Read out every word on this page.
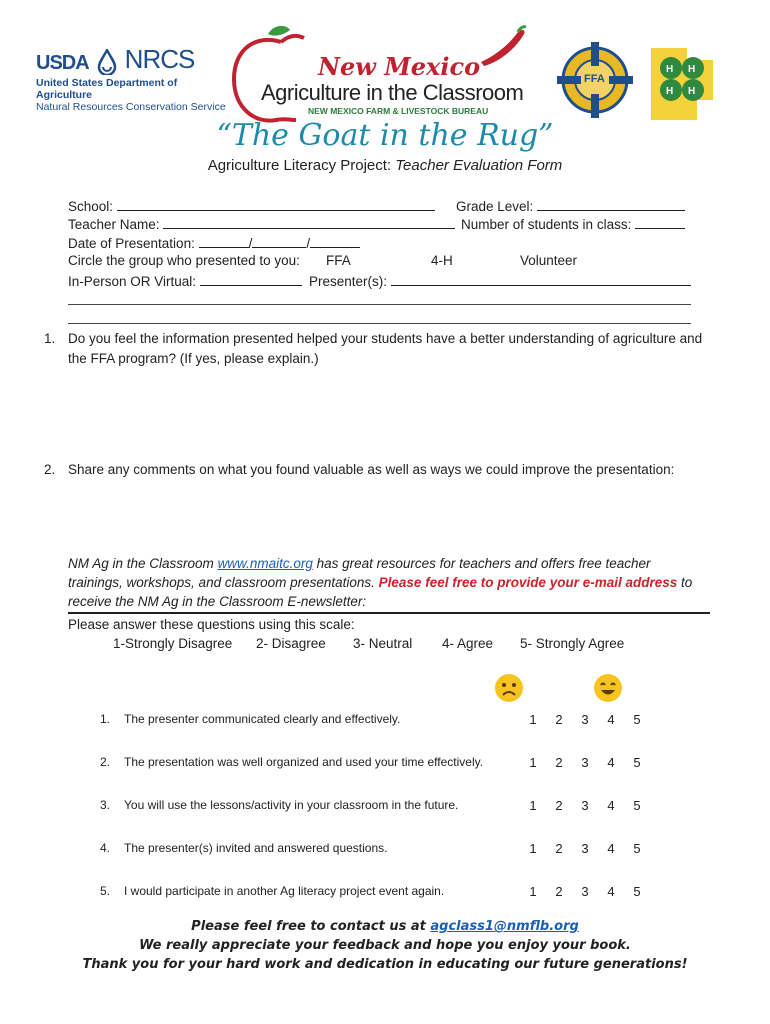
USDA NRCS
United States Department of Agriculture
Natural Resources Conservation Service
New Mexico
Agriculture in the Classroom
NEW MEXICO FARM & LIVESTOCK BUREAU
FFA
H H
H H
“The Goat in the Rug”
Agriculture Literacy Project: Teacher Evaluation Form
School:	Grade Level:
Teacher Name:	Number of students in class:
Date of Presentation:	/	/
Circle the group who presented to you: FFA	4-H	Volunteer
In-Person OR Virtual:	Presenter(s):
1. Do you feel the information presented helped your students have a better understanding of agriculture and the FFA program? (If yes, please explain.)
2. Share any comments on what you found valuable as well as ways we could improve the presentation:
NM Ag in the Classroom www.nmaitc.org has great resources for teachers and offers free teacher trainings, workshops, and classroom presentations. Please feel free to provide your e-mail address to receive the NM Ag in the Classroom E-newsletter:
Please answer these questions using this scale:
1-Strongly Disagree 2- Disagree 3- Neutral 4- Agree 5- Strongly Agree
1. The presenter communicated clearly and effectively.	1 2 3 4 5
2. The presentation was well organized and used your time effectively.	1 2 3 4 5
3. You will use the lessons/activity in your classroom in the future.	1 2 3 4 5
4. The presenter(s) invited and answered questions.	1 2 3 4 5
5. I would participate in another Ag literacy project event again.	1 2 3 4 5
Please feel free to contact us at agclass1@nmflb.org
We really appreciate your feedback and hope you enjoy your book.
Thank you for your hard work and dedication in educating our future generations!
